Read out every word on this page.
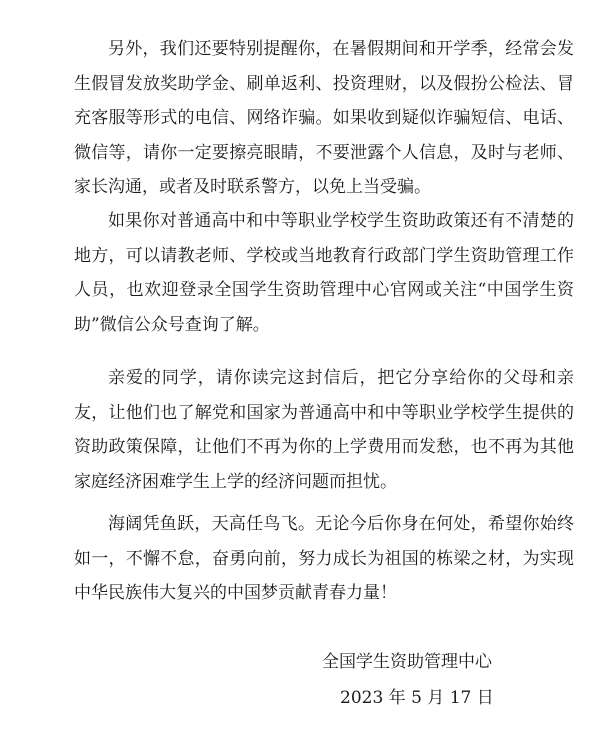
另外，我们还要特别提醒你，在暑假期间和开学季，经常会发生假冒发放奖助学金、刷单返利、投资理财，以及假扮公检法、冒充客服等形式的电信、网络诈骗。如果收到疑似诈骗短信、电话、微信等，请你一定要擦亮眼睛，不要泄露个人信息，及时与老师、家长沟通，或者及时联系警方，以免上当受骗。

如果你对普通高中和中等职业学校学生资助政策还有不清楚的地方，可以请教老师、学校或当地教育行政部门学生资助管理工作人员，也欢迎登录全国学生资助管理中心官网或关注“中国学生资助”微信公众号查询了解。

亲爱的同学，请你读完这封信后，把它分享给你的父母和亲友，让他们也了解党和国家为普通高中和中等职业学校学生提供的资助政策保障，让他们不再为你的上学费用而发愁，也不再为其他家庭经济困难学生上学的经济问题而担忧。

海阔凭鱼跃，天高任鸟飞。无论今后你身在何处，希望你始终如一，不懈不怠，奋勇向前，努力成长为祖国的栋梁之材，为实现中华民族伟大复兴的中国梦贡献青春力量！

全国学生资助管理中心

2023 年 5 月 17 日
